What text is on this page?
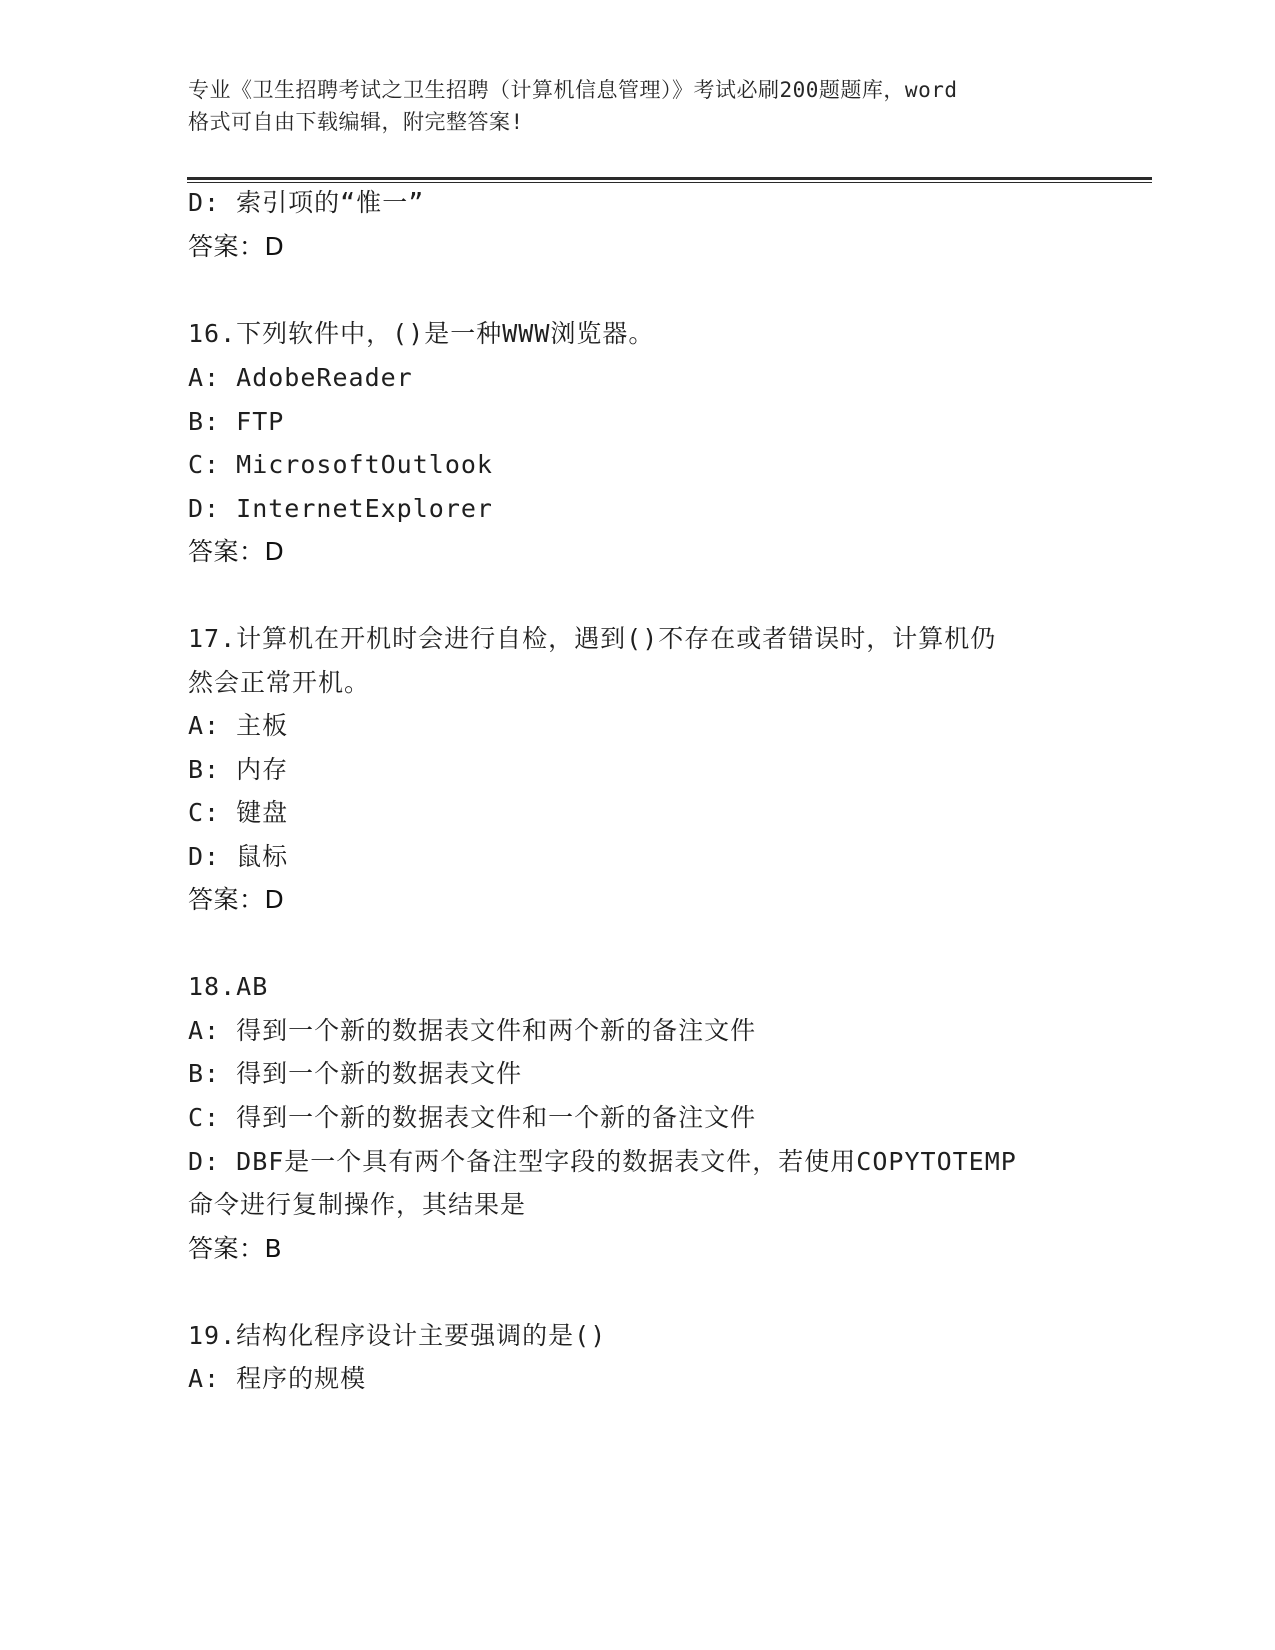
专业《卫生招聘考试之卫生招聘（计算机信息管理）》考试必刷200题题库，word
格式可自由下载编辑，附完整答案!
D: 索引项的“惟一”
答案：D
16.下列软件中，()是一种WWW浏览器。
A: AdobeReader
B: FTP
C: MicrosoftOutlook
D: InternetExplorer
答案：D
17.计算机在开机时会进行自检，遇到()不存在或者错误时，计算机仍
然会正常开机。
A: 主板
B: 内存
C: 键盘
D: 鼠标
答案：D
18.AB
A: 得到一个新的数据表文件和两个新的备注文件
B: 得到一个新的数据表文件
C: 得到一个新的数据表文件和一个新的备注文件
D: DBF是一个具有两个备注型字段的数据表文件，若使用COPYTOTEMP
命令进行复制操作，其结果是
答案：B
19.结构化程序设计主要强调的是()
A: 程序的规模
